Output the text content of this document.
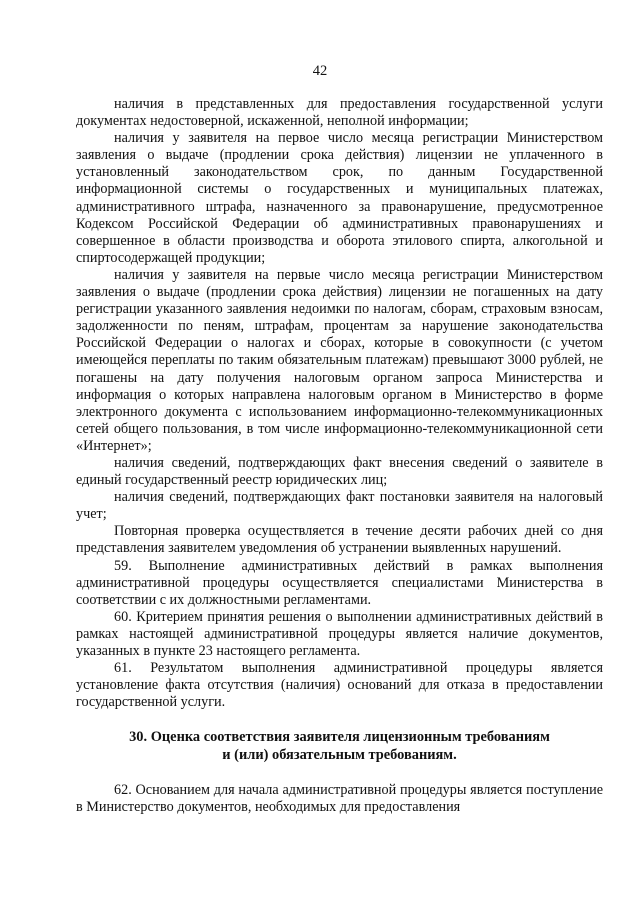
42

наличия в представленных для предоставления государственной услуги документах недостоверной, искаженной, неполной информации;

наличия у заявителя на первое число месяца регистрации Министерством заявления о выдаче (продлении срока действия) лицензии не уплаченного в установленный законодательством срок, по данным Государственной информационной системы о государственных и муниципальных платежах, административного штрафа, назначенного за правонарушение, предусмотренное Кодексом Российской Федерации об административных правонарушениях и совершенное в области производства и оборота этилового спирта, алкогольной и спиртосодержащей продукции;

наличия у заявителя на первые число месяца регистрации Министерством заявления о выдаче (продлении срока действия) лицензии не погашенных на дату регистрации указанного заявления недоимки по налогам, сборам, страховым взносам, задолженности по пеням, штрафам, процентам за нарушение законодательства Российской Федерации о налогах и сборах, которые в совокупности (с учетом имеющейся переплаты по таким обязательным платежам) превышают 3000 рублей, не погашены на дату получения налоговым органом запроса Министерства и информация о которых направлена налоговым органом в Министерство в форме электронного документа с использованием информационно-телекоммуникационных сетей общего пользования, в том числе информационно-телекоммуникационной сети «Интернет»;

наличия сведений, подтверждающих факт внесения сведений о заявителе в единый государственный реестр юридических лиц;

наличия сведений, подтверждающих факт постановки заявителя на налоговый учет;

Повторная проверка осуществляется в течение десяти рабочих дней со дня представления заявителем уведомления об устранении выявленных нарушений.

59. Выполнение административных действий в рамках выполнения административной процедуры осуществляется специалистами Министерства в соответствии с их должностными регламентами.

60. Критерием принятия решения о выполнении административных действий в рамках настоящей административной процедуры является наличие документов, указанных в пункте 23 настоящего регламента.

61. Результатом выполнения административной процедуры является установление факта отсутствия (наличия) оснований для отказа в предоставлении государственной услуги.

30. Оценка соответствия заявителя лицензионным требованиям
и (или) обязательным требованиям.

62. Основанием для начала административной процедуры является поступление в Министерство документов, необходимых для предоставления
